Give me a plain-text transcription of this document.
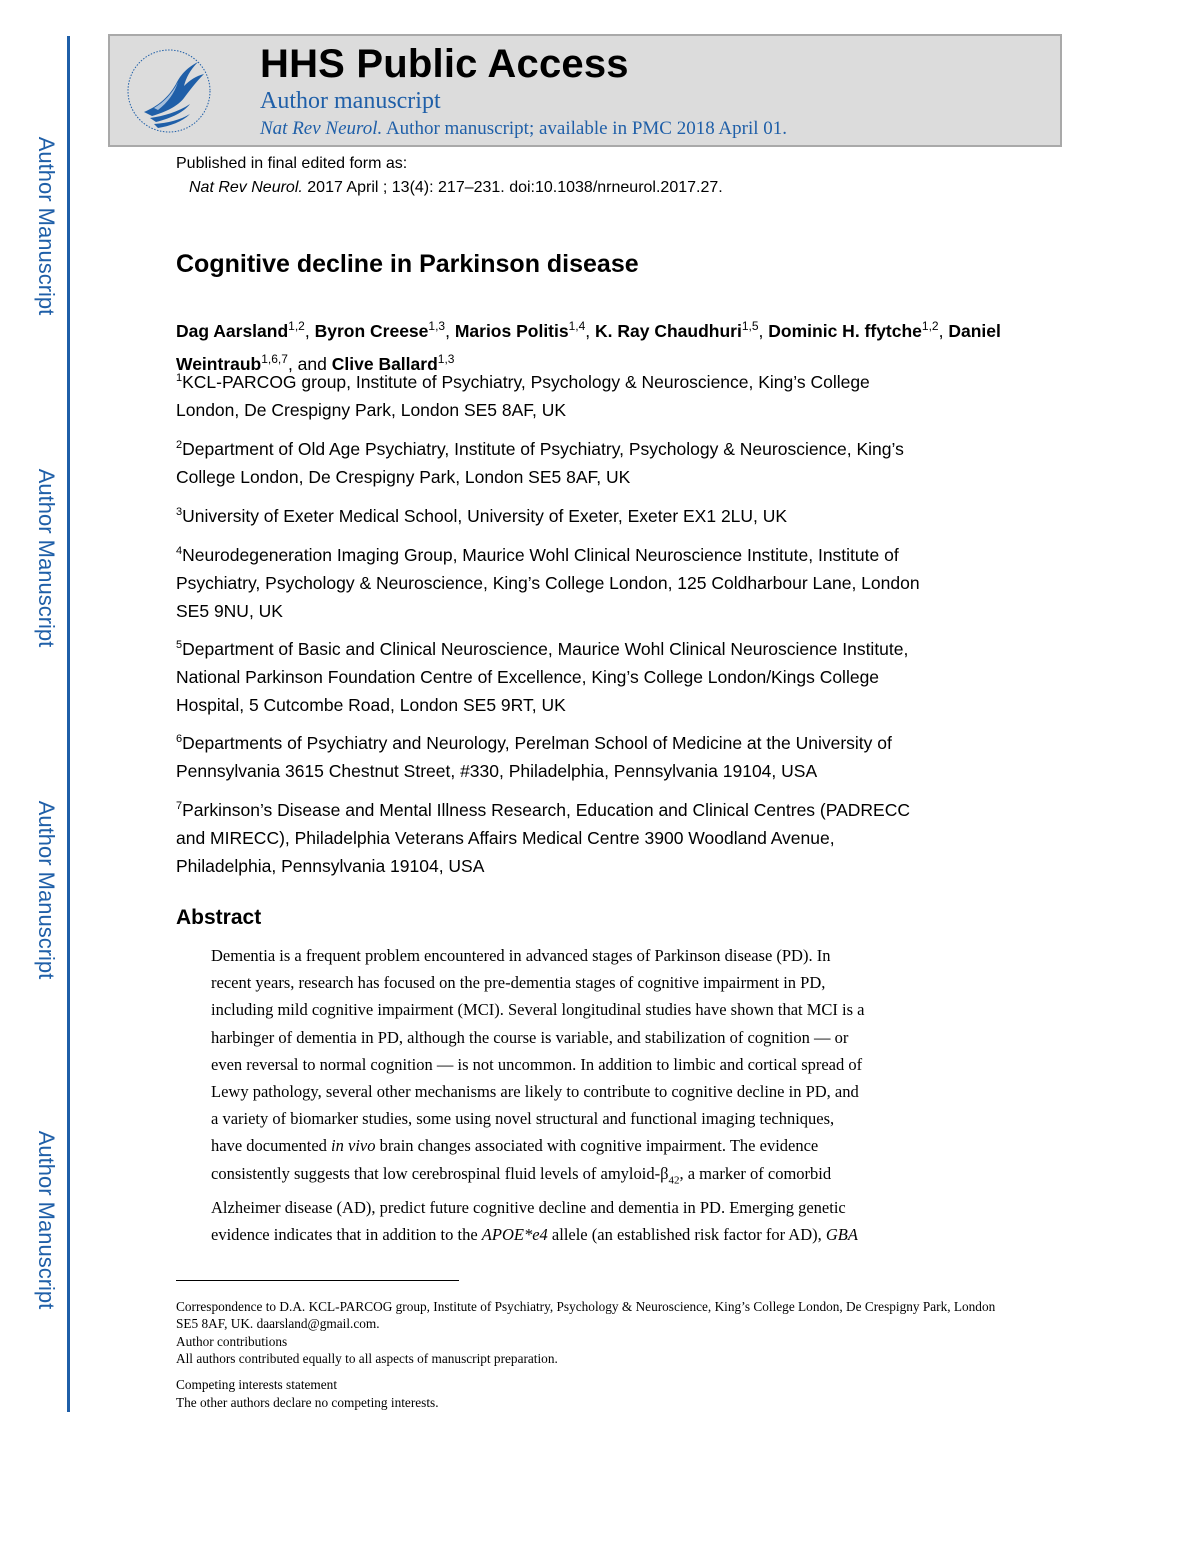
Author Manuscript
Author Manuscript
Author Manuscript
Author Manuscript
HHS Public Access
Author manuscript
Nat Rev Neurol. Author manuscript; available in PMC 2018 April 01.
Published in final edited form as:
Nat Rev Neurol. 2017 April ; 13(4): 217–231. doi:10.1038/nrneurol.2017.27.
Cognitive decline in Parkinson disease
Dag Aarsland$^{1,2}$, Byron Creese$^{1,3}$, Marios Politis$^{1,4}$, K. Ray Chaudhuri$^{1,5}$, Dominic H. ffytche$^{1,2}$, Daniel Weintraub$^{1,6,7}$, and Clive Ballard$^{1,3}$
$^1$KCL-PARCOG group, Institute of Psychiatry, Psychology & Neuroscience, King’s College
London, De Crespigny Park, London SE5 8AF, UK
$^2$Department of Old Age Psychiatry, Institute of Psychiatry, Psychology & Neuroscience, King’s
College London, De Crespigny Park, London SE5 8AF, UK
$^3$University of Exeter Medical School, University of Exeter, Exeter EX1 2LU, UK
$^4$Neurodegeneration Imaging Group, Maurice Wohl Clinical Neuroscience Institute, Institute of
Psychiatry, Psychology & Neuroscience, King’s College London, 125 Coldharbour Lane, London
SE5 9NU, UK
$^5$Department of Basic and Clinical Neuroscience, Maurice Wohl Clinical Neuroscience Institute,
National Parkinson Foundation Centre of Excellence, King’s College London/Kings College
Hospital, 5 Cutcombe Road, London SE5 9RT, UK
$^6$Departments of Psychiatry and Neurology, Perelman School of Medicine at the University of
Pennsylvania 3615 Chestnut Street, #330, Philadelphia, Pennsylvania 19104, USA
$^7$Parkinson’s Disease and Mental Illness Research, Education and Clinical Centres (PADRECC
and MIRECC), Philadelphia Veterans Affairs Medical Centre 3900 Woodland Avenue,
Philadelphia, Pennsylvania 19104, USA
Abstract
Dementia is a frequent problem encountered in advanced stages of Parkinson disease (PD). In
recent years, research has focused on the pre-dementia stages of cognitive impairment in PD,
including mild cognitive impairment (MCI). Several longitudinal studies have shown that MCI is a
harbinger of dementia in PD, although the course is variable, and stabilization of cognition — or
even reversal to normal cognition — is not uncommon. In addition to limbic and cortical spread of
Lewy pathology, several other mechanisms are likely to contribute to cognitive decline in PD, and
a variety of biomarker studies, some using novel structural and functional imaging techniques,
have documented in vivo brain changes associated with cognitive impairment. The evidence
consistently suggests that low cerebrospinal fluid levels of amyloid-$\beta_{42}$, a marker of comorbid
Alzheimer disease (AD), predict future cognitive decline and dementia in PD. Emerging genetic
evidence indicates that in addition to the APOE*e4 allele (an established risk factor for AD), GBA
Correspondence to D.A. KCL-PARCOG group, Institute of Psychiatry, Psychology & Neuroscience, King’s College London, De Crespigny Park, London SE5 8AF, UK. daarsland@gmail.com.
Author contributions
All authors contributed equally to all aspects of manuscript preparation.
Competing interests statement
The other authors declare no competing interests.
